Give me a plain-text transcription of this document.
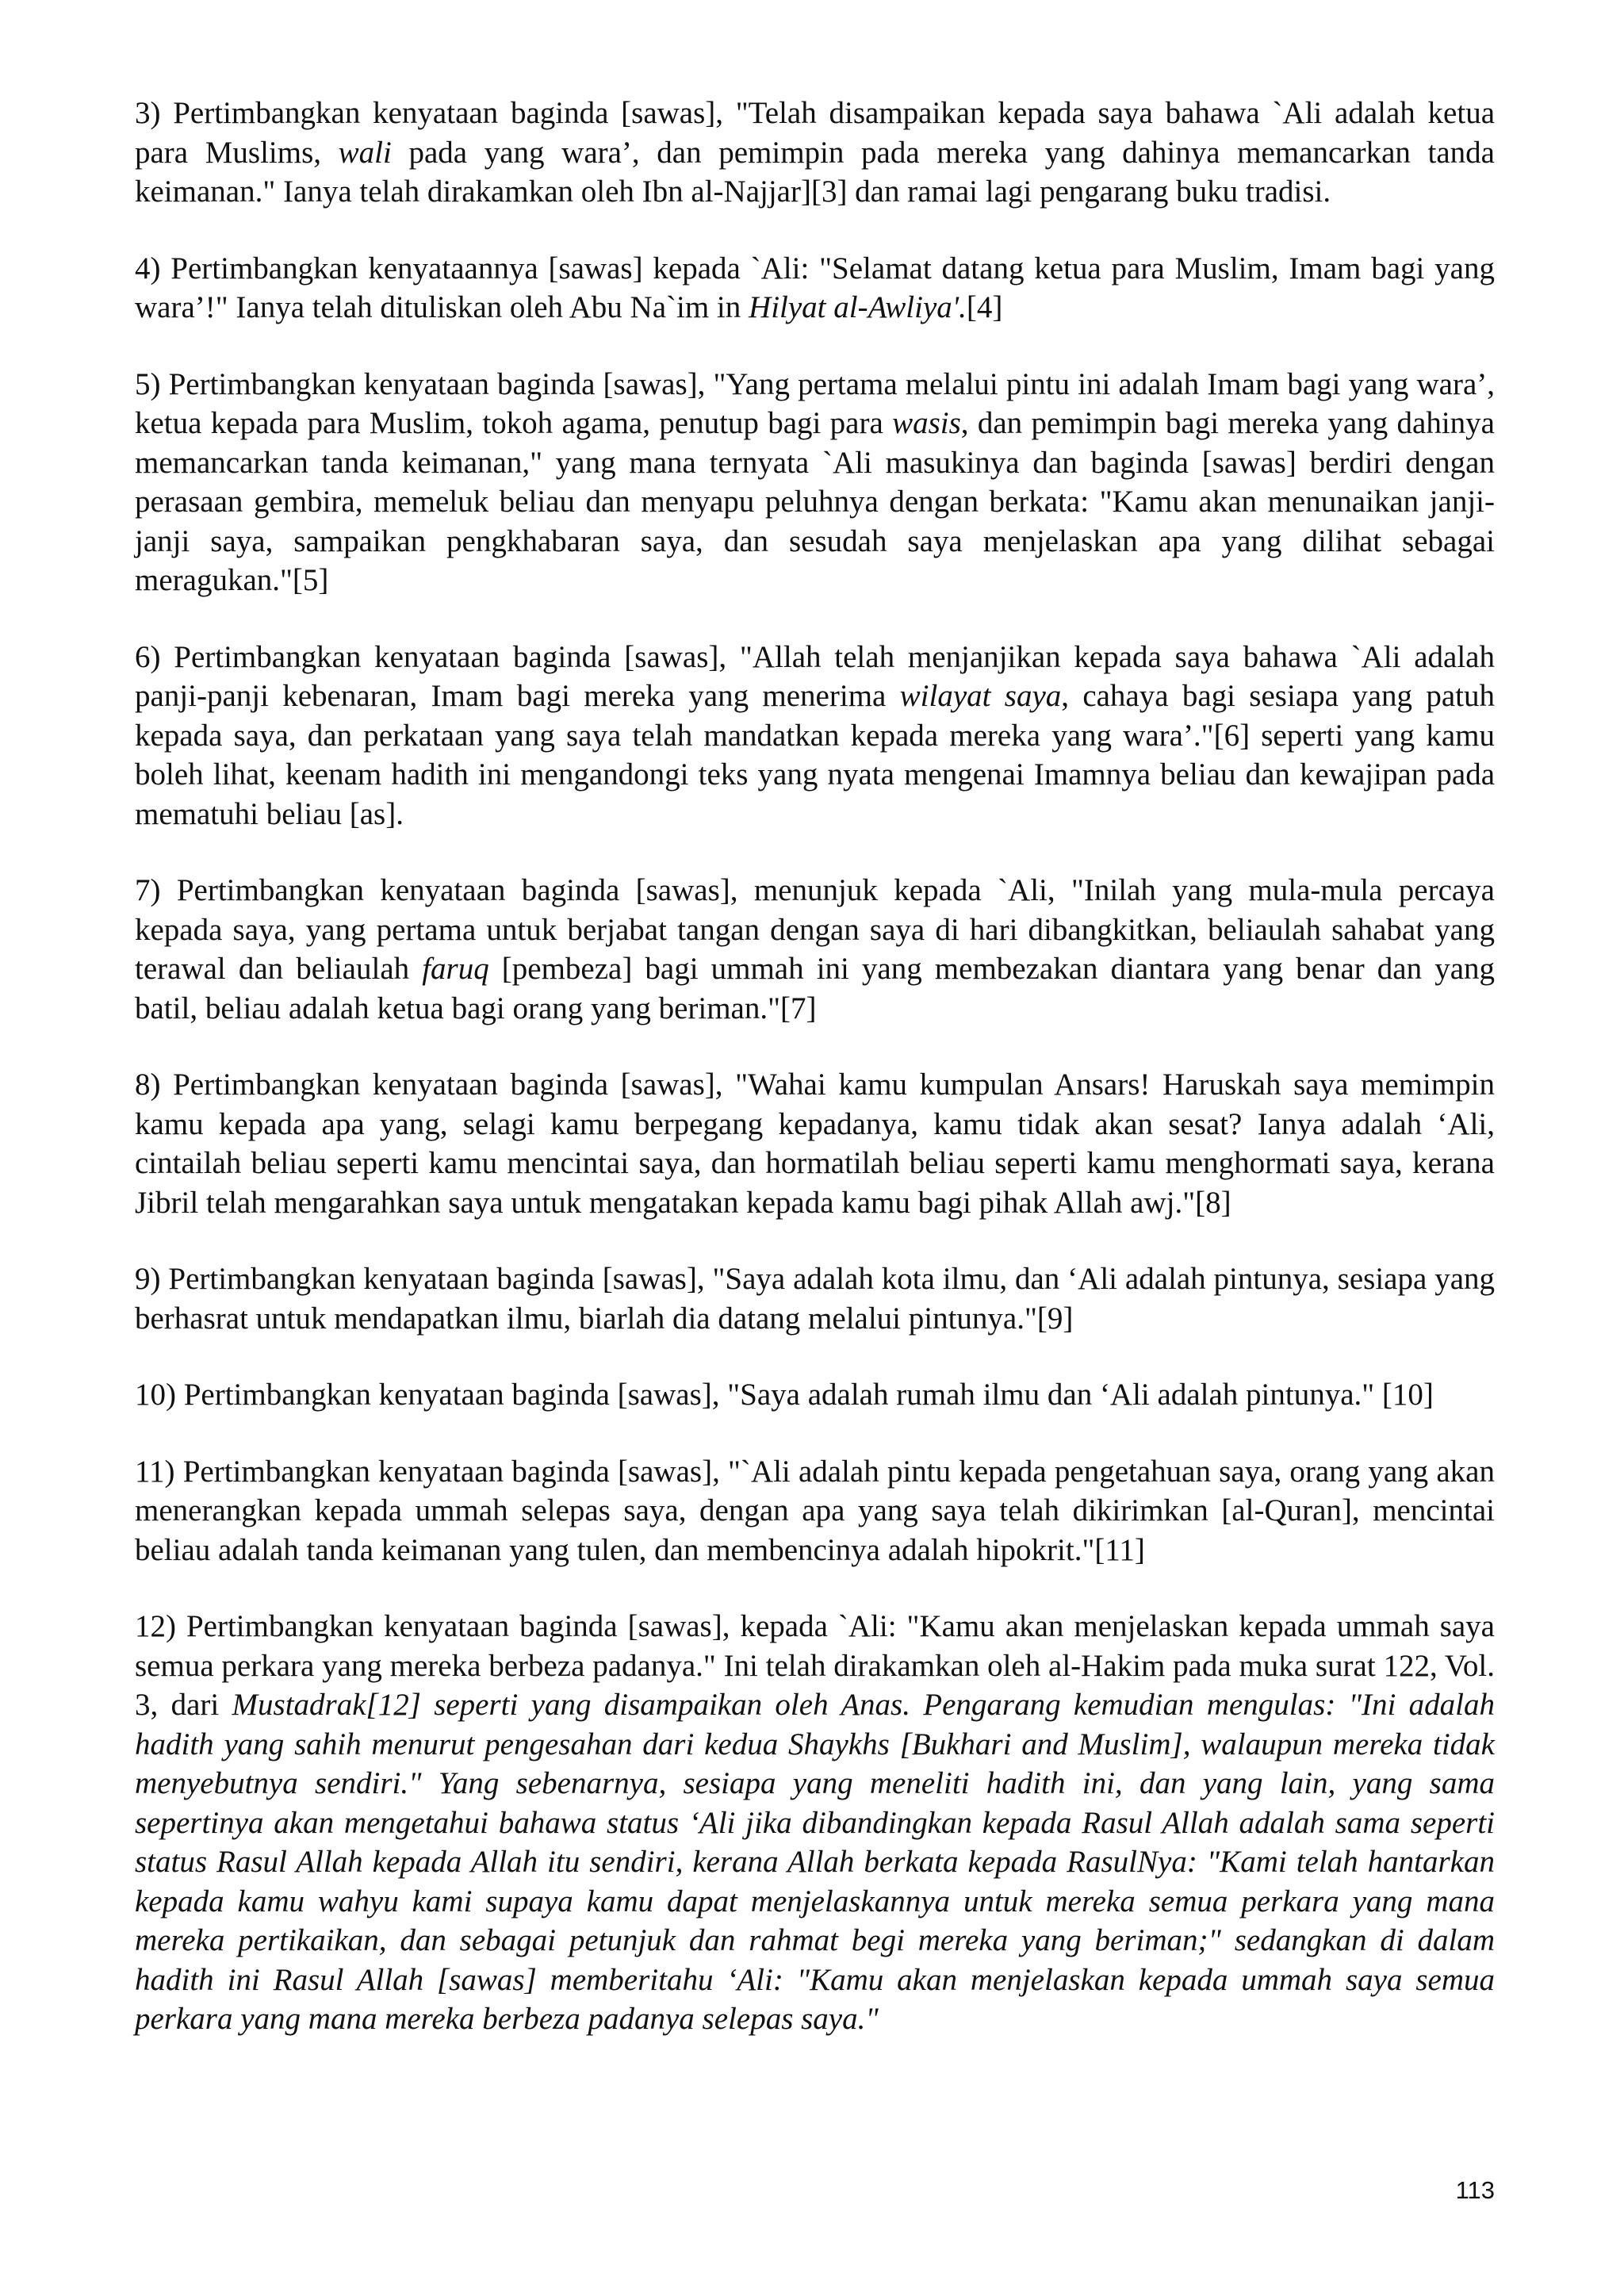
3) Pertimbangkan kenyataan baginda [sawas], "Telah disampaikan kepada saya bahawa `Ali adalah ketua para Muslims, wali pada yang wara’, dan pemimpin pada mereka yang dahinya memancarkan tanda keimanan." Ianya telah dirakamkan oleh Ibn al-Najjar][3] dan ramai lagi pengarang buku tradisi.

4) Pertimbangkan kenyataannya [sawas] kepada `Ali: "Selamat datang ketua para Muslim, Imam bagi yang wara’!" Ianya telah dituliskan oleh Abu Na`im in Hilyat al-Awliya'.[4]

5) Pertimbangkan kenyataan baginda [sawas], "Yang pertama melalui pintu ini adalah Imam bagi yang wara’, ketua kepada para Muslim, tokoh agama, penutup bagi para wasis, dan pemimpin bagi mereka yang dahinya memancarkan tanda keimanan," yang mana ternyata `Ali masukinya dan baginda [sawas] berdiri dengan perasaan gembira, memeluk beliau dan menyapu peluhnya dengan berkata: "Kamu akan menunaikan janji-janji saya, sampaikan pengkhabaran saya, dan sesudah saya menjelaskan apa yang dilihat sebagai meragukan."[5]

6) Pertimbangkan kenyataan baginda [sawas], "Allah telah menjanjikan kepada saya bahawa `Ali adalah panji-panji kebenaran, Imam bagi mereka yang menerima wilayat saya, cahaya bagi sesiapa yang patuh kepada saya, dan perkataan yang saya telah mandatkan kepada mereka yang wara’."[6] seperti yang kamu boleh lihat, keenam hadith ini mengandongi teks yang nyata mengenai Imamnya beliau dan kewajipan pada mematuhi beliau [as].

7) Pertimbangkan kenyataan baginda [sawas], menunjuk kepada `Ali, "Inilah yang mula-mula percaya kepada saya, yang pertama untuk berjabat tangan dengan saya di hari dibangkitkan, beliaulah sahabat yang terawal dan beliaulah faruq [pembeza] bagi ummah ini yang membezakan diantara yang benar dan yang batil, beliau adalah ketua bagi orang yang beriman."[7]

8) Pertimbangkan kenyataan baginda [sawas], "Wahai kamu kumpulan Ansars! Haruskah saya memimpin kamu kepada apa yang, selagi kamu berpegang kepadanya, kamu tidak akan sesat? Ianya adalah ‘Ali, cintailah beliau seperti kamu mencintai saya, dan hormatilah beliau seperti kamu menghormati saya, kerana Jibril telah mengarahkan saya untuk mengatakan kepada kamu bagi pihak Allah awj."[8]

9) Pertimbangkan kenyataan baginda [sawas], "Saya adalah kota ilmu, dan ‘Ali adalah pintunya, sesiapa yang berhasrat untuk mendapatkan ilmu, biarlah dia datang melalui pintunya."[9]

10) Pertimbangkan kenyataan baginda [sawas], "Saya adalah rumah ilmu dan ‘Ali adalah pintunya." [10]

11) Pertimbangkan kenyataan baginda [sawas], "`Ali adalah pintu kepada pengetahuan saya, orang yang akan menerangkan kepada ummah selepas saya, dengan apa yang saya telah dikirimkan [al-Quran], mencintai beliau adalah tanda keimanan yang tulen, dan membencinya adalah hipokrit."[11]

12) Pertimbangkan kenyataan baginda [sawas], kepada `Ali: "Kamu akan menjelaskan kepada ummah saya semua perkara yang mereka berbeza padanya." Ini telah dirakamkan oleh al-Hakim pada muka surat 122, Vol. 3, dari Mustadrak[12] seperti yang disampaikan oleh Anas. Pengarang kemudian mengulas: "Ini adalah hadith yang sahih menurut pengesahan dari kedua Shaykhs [Bukhari and Muslim], walaupun mereka tidak menyebutnya sendiri." Yang sebenarnya, sesiapa yang meneliti hadith ini, dan yang lain, yang sama sepertinya akan mengetahui bahawa status ‘Ali jika dibandingkan kepada Rasul Allah adalah sama seperti status Rasul Allah kepada Allah itu sendiri, kerana Allah berkata kepada RasulNya: "Kami telah hantarkan kepada kamu wahyu kami supaya kamu dapat menjelaskannya untuk mereka semua perkara yang mana mereka pertikaikan, dan sebagai petunjuk dan rahmat begi mereka yang beriman;" sedangkan di dalam hadith ini Rasul Allah [sawas] memberitahu ‘Ali: "Kamu akan menjelaskan kepada ummah saya semua perkara yang mana mereka berbeza padanya selepas saya."

113
